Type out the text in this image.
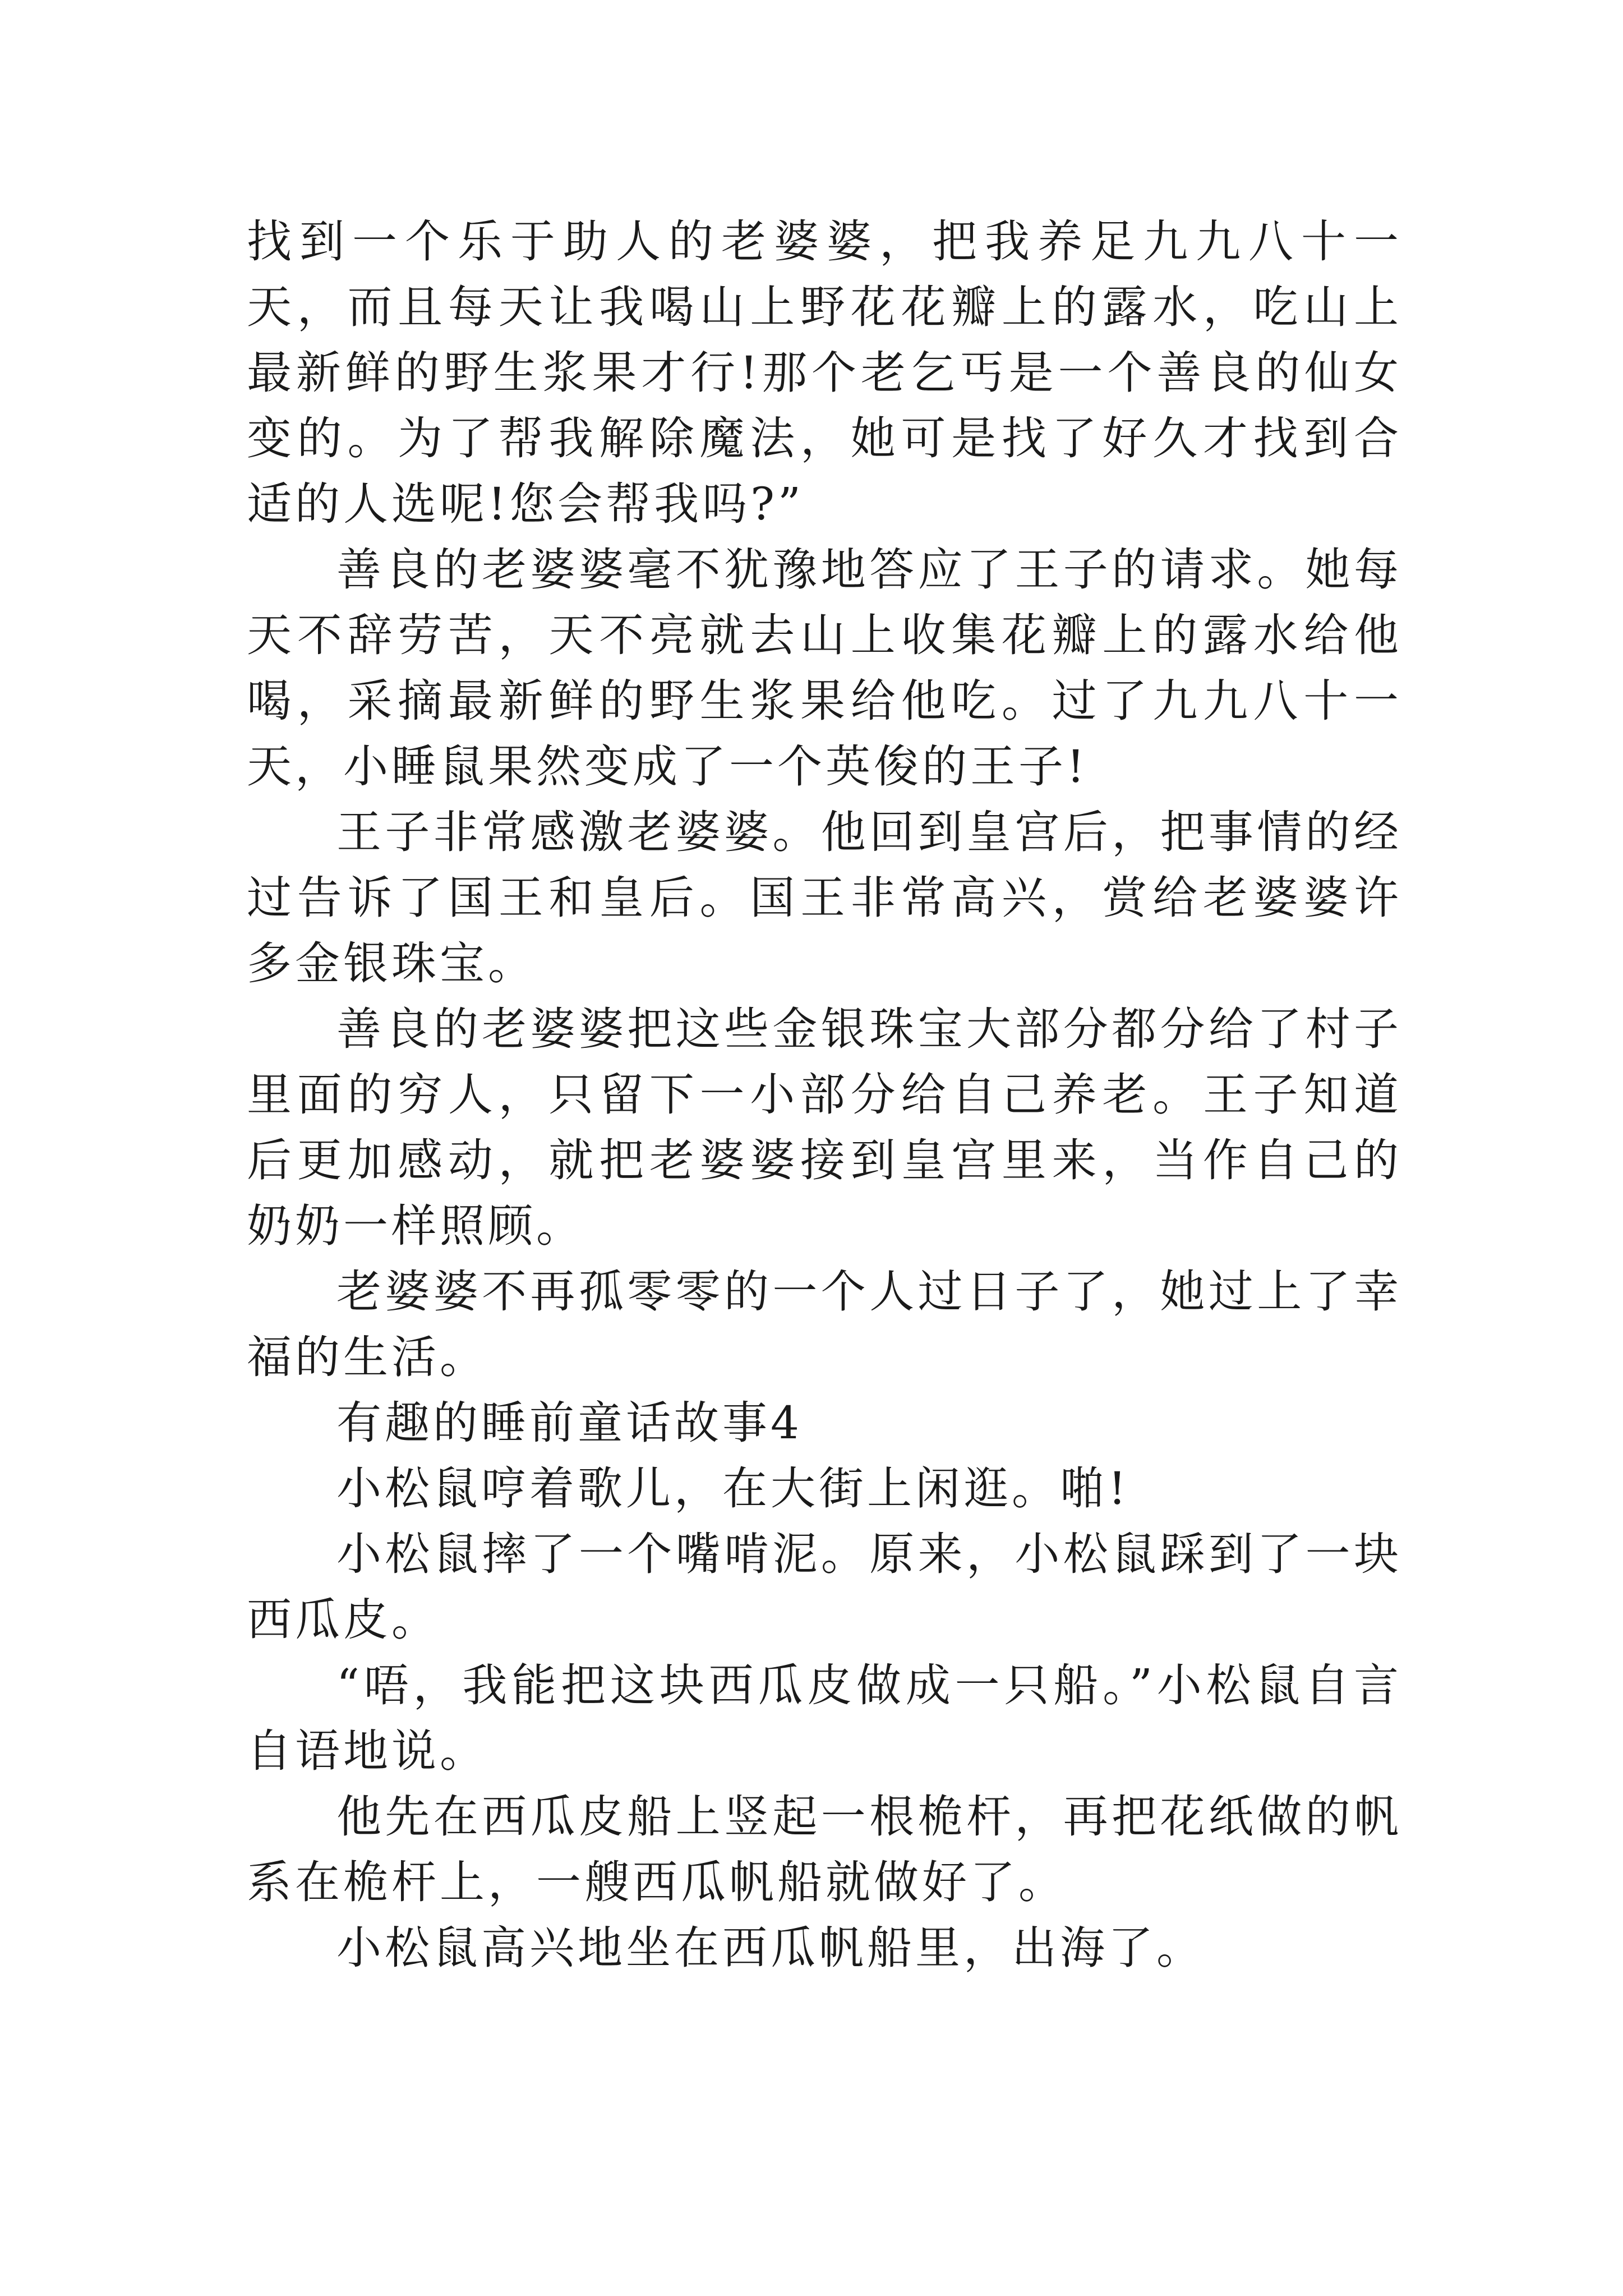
找到一个乐于助人的老婆婆，把我养足九九八十一天，而且每天让我喝山上野花花瓣上的露水，吃山上最新鲜的野生浆果才行!那个老乞丐是一个善良的仙女变的。为了帮我解除魔法，她可是找了好久才找到合适的人选呢!您会帮我吗?”

善良的老婆婆毫不犹豫地答应了王子的请求。她每天不辞劳苦，天不亮就去山上收集花瓣上的露水给他喝，采摘最新鲜的野生浆果给他吃。过了九九八十一天，小睡鼠果然变成了一个英俊的王子!

王子非常感激老婆婆。他回到皇宫后，把事情的经过告诉了国王和皇后。国王非常高兴，赏给老婆婆许多金银珠宝。

善良的老婆婆把这些金银珠宝大部分都分给了村子里面的穷人，只留下一小部分给自己养老。王子知道后更加感动，就把老婆婆接到皇宫里来，当作自己的奶奶一样照顾。

老婆婆不再孤零零的一个人过日子了，她过上了幸福的生活。

有趣的睡前童话故事4

小松鼠哼着歌儿，在大街上闲逛。啪!

小松鼠摔了一个嘴啃泥。原来，小松鼠踩到了一块西瓜皮。

“唔，我能把这块西瓜皮做成一只船。”小松鼠自言自语地说。

他先在西瓜皮船上竖起一根桅杆，再把花纸做的帆系在桅杆上，一艘西瓜帆船就做好了。

小松鼠高兴地坐在西瓜帆船里，出海了。
